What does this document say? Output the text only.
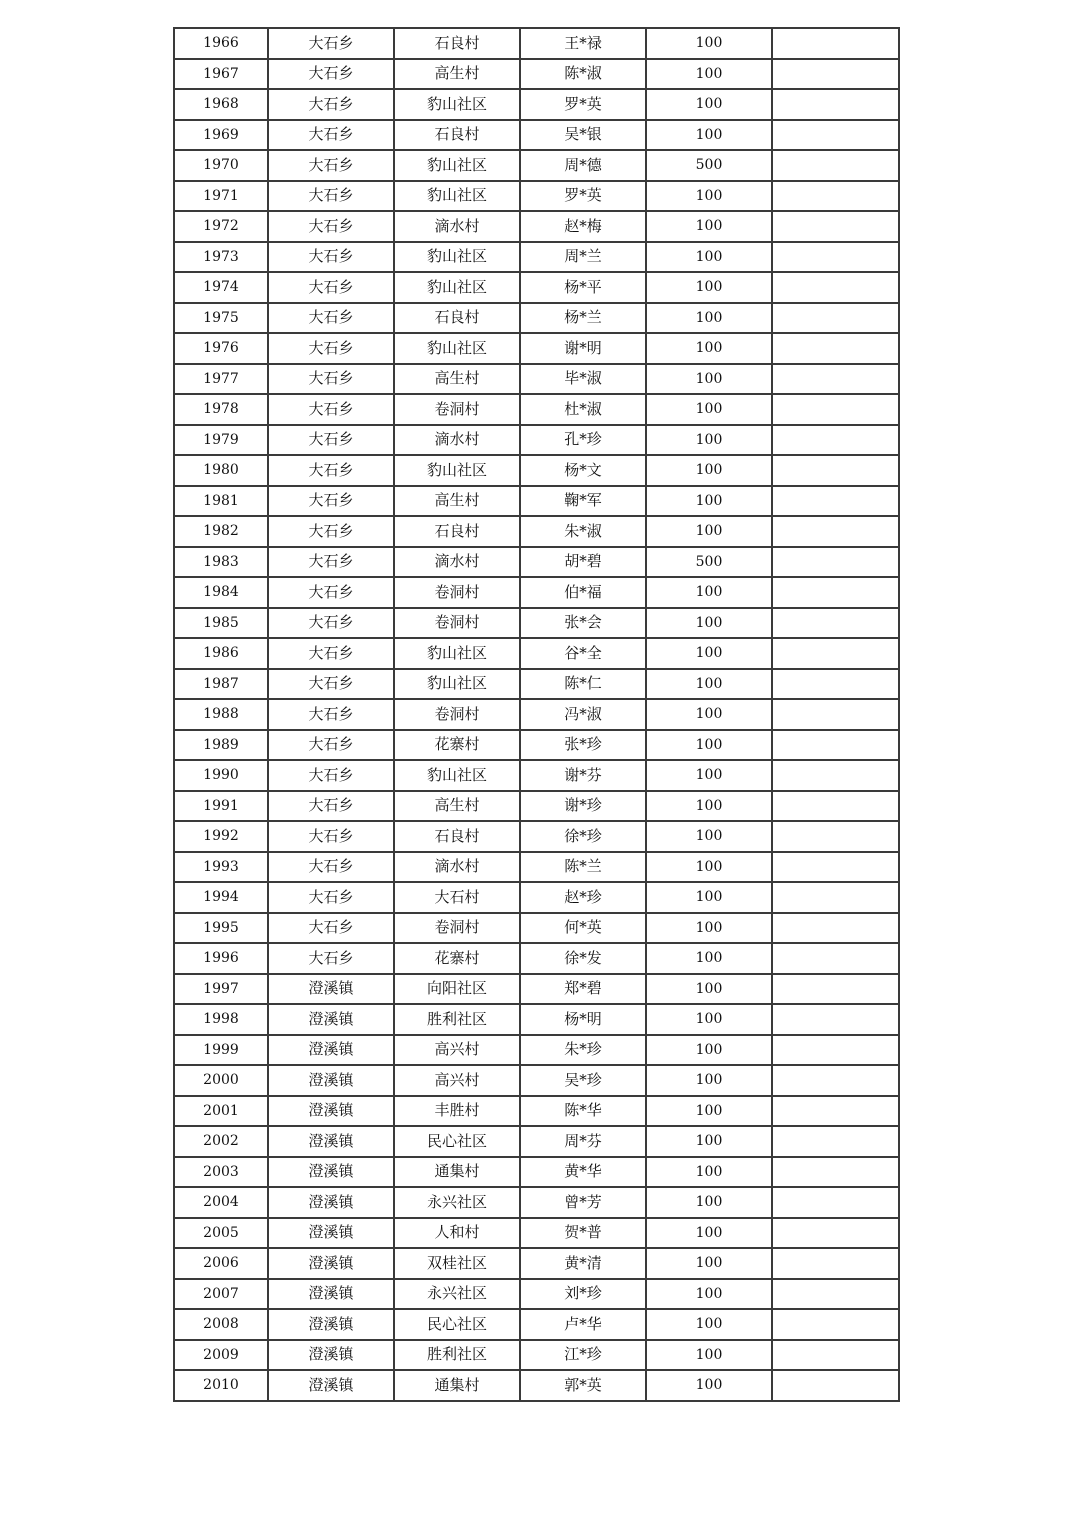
1966	大石乡	石良村	王*禄	100	
1967	大石乡	高生村	陈*淑	100	
1968	大石乡	豹山社区	罗*英	100	
1969	大石乡	石良村	吴*银	100	
1970	大石乡	豹山社区	周*德	500	
1971	大石乡	豹山社区	罗*英	100	
1972	大石乡	滴水村	赵*梅	100	
1973	大石乡	豹山社区	周*兰	100	
1974	大石乡	豹山社区	杨*平	100	
1975	大石乡	石良村	杨*兰	100	
1976	大石乡	豹山社区	谢*明	100	
1977	大石乡	高生村	毕*淑	100	
1978	大石乡	卷洞村	杜*淑	100	
1979	大石乡	滴水村	孔*珍	100	
1980	大石乡	豹山社区	杨*文	100	
1981	大石乡	高生村	鞠*军	100	
1982	大石乡	石良村	朱*淑	100	
1983	大石乡	滴水村	胡*碧	500	
1984	大石乡	卷洞村	伯*福	100	
1985	大石乡	卷洞村	张*会	100	
1986	大石乡	豹山社区	谷*全	100	
1987	大石乡	豹山社区	陈*仁	100	
1988	大石乡	卷洞村	冯*淑	100	
1989	大石乡	花寨村	张*珍	100	
1990	大石乡	豹山社区	谢*芬	100	
1991	大石乡	高生村	谢*珍	100	
1992	大石乡	石良村	徐*珍	100	
1993	大石乡	滴水村	陈*兰	100	
1994	大石乡	大石村	赵*珍	100	
1995	大石乡	卷洞村	何*英	100	
1996	大石乡	花寨村	徐*发	100	
1997	澄溪镇	向阳社区	郑*碧	100	
1998	澄溪镇	胜利社区	杨*明	100	
1999	澄溪镇	高兴村	朱*珍	100	
2000	澄溪镇	高兴村	吴*珍	100	
2001	澄溪镇	丰胜村	陈*华	100	
2002	澄溪镇	民心社区	周*芬	100	
2003	澄溪镇	通集村	黄*华	100	
2004	澄溪镇	永兴社区	曾*芳	100	
2005	澄溪镇	人和村	贺*普	100	
2006	澄溪镇	双桂社区	黄*清	100	
2007	澄溪镇	永兴社区	刘*珍	100	
2008	澄溪镇	民心社区	卢*华	100	
2009	澄溪镇	胜利社区	江*珍	100	
2010	澄溪镇	通集村	郭*英	100	
